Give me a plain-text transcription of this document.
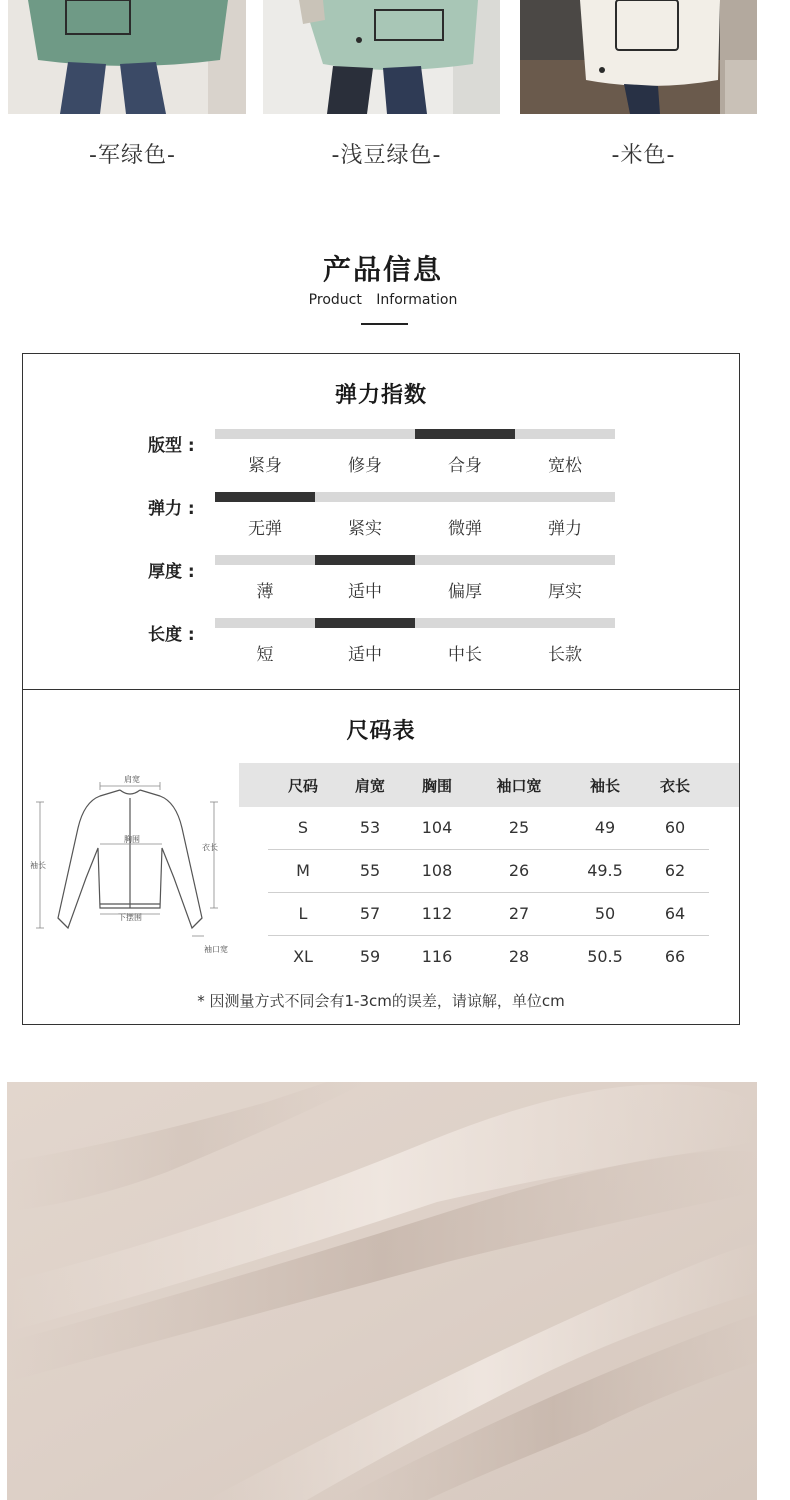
-军绿色-	-浅豆绿色-	-米色-
产品信息
Product Information
弹力指数
版型 :
紧身	修身	合身	宽松
弹力 :
无弹	紧实	微弹	弹力
厚度 :
薄	适中	偏厚	厚实
长度 :
短	适中	中长	长款
尺码表
肩宽
胸围
衣长
袖长
下摆围
袖口宽
尺码	肩宽	胸围	袖口宽	袖长	衣长
S	53	104	25	49	60
M	55	108	26	49.5	62
L	57	112	27	50	64
XL	59	116	28	50.5	66
* 因测量方式不同会有1-3cm的误差，请谅解，单位cm
